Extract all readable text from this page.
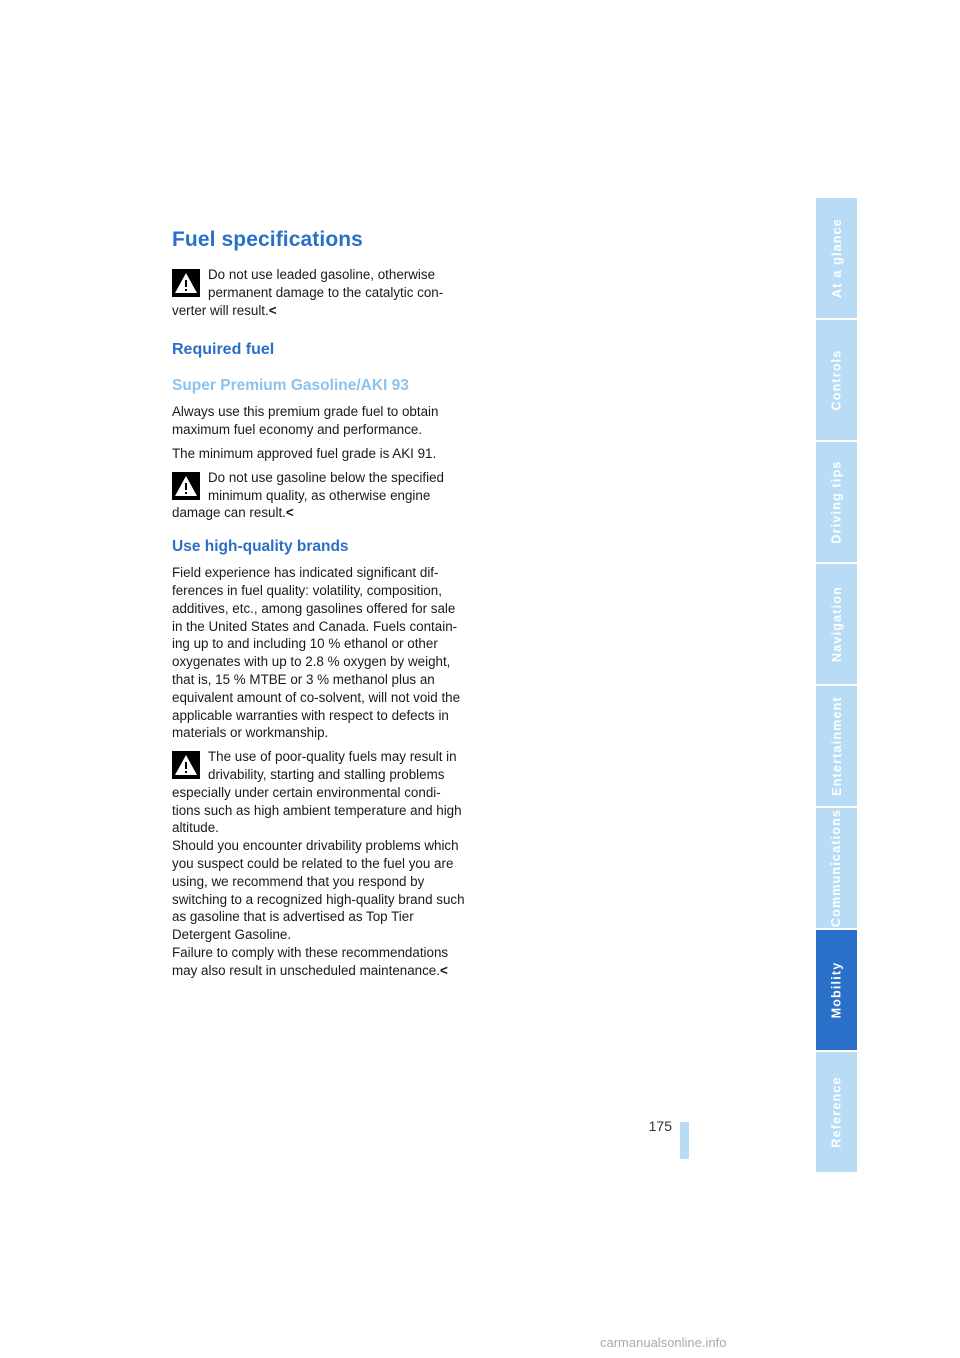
Fuel specifications

Do not use leaded gasoline, otherwise permanent damage to the catalytic con-verter will result.<

Required fuel
Super Premium Gasoline/AKI 93

Always use this premium grade fuel to obtain maximum fuel economy and performance.

The minimum approved fuel grade is AKI 91.

Do not use gasoline below the specified minimum quality, as otherwise engine damage can result.<

Use high-quality brands

Field experience has indicated significant dif-ferences in fuel quality: volatility, composition, additives, etc., among gasolines offered for sale in the United States and Canada. Fuels contain-ing up to and including 10 % ethanol or other oxygenates with up to 2.8 % oxygen by weight, that is, 15 % MTBE or 3 % methanol plus an equivalent amount of co-solvent, will not void the applicable warranties with respect to defects in materials or workmanship.

The use of poor-quality fuels may result in drivability, starting and stalling problems especially under certain environmental condi-tions such as high ambient temperature and high altitude.

Should you encounter drivability problems which you suspect could be related to the fuel you are using, we recommend that you respond by switching to a recognized high-quality brand such as gasoline that is advertised as Top Tier Detergent Gasoline.

Failure to comply with these recommendations may also result in unscheduled maintenance.<

At a glance
Controls
Driving tips
Navigation
Entertainment
Communications
Mobility
Reference
175
carmanualsonline.info
